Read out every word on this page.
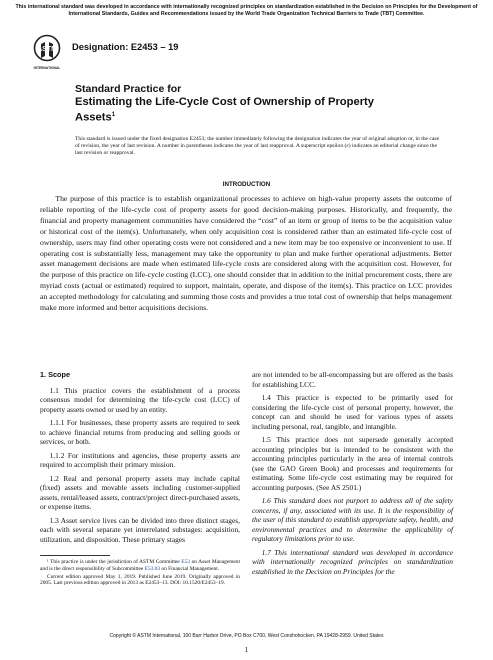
This international standard was developed in accordance with internationally recognized principles on standardization established in the Decision on Principles for the Development of International Standards, Guides and Recommendations issued by the World Trade Organization Technical Barriers to Trade (TBT) Committee.
ASTM
INTERNATIONAL
Designation: E2453 – 19
Standard Practice for
Estimating the Life-Cycle Cost of Ownership of Property Assets$^1$
This standard is issued under the fixed designation E2453; the number immediately following the designation indicates the year of original adoption or, in the case of revision, the year of last revision. A number in parentheses indicates the year of last reapproval. A superscript epsilon (ε) indicates an editorial change since the last revision or reapproval.
INTRODUCTION
The purpose of this practice is to establish organizational processes to achieve on high-value property assets the outcome of reliable reporting of the life-cycle cost of property assets for good decision-making purposes. Historically, and frequently, the financial and property management communities have considered the “cost” of an item or group of items to be the acquisition value or historical cost of the item(s). Unfortunately, when only acquisition cost is considered rather than an estimated life-cycle cost of ownership, users may find other operating costs were not considered and a new item may be too expensive or inconvenient to use. If operating cost is substantially less, management may take the opportunity to plan and make further operational adjustments. Better asset management decisions are made when estimated life-cycle costs are considered along with the acquisition cost. However, for the purpose of this practice on life-cycle costing (LCC), one should consider that in addition to the initial procurement costs, there are myriad costs (actual or estimated) required to support, maintain, operate, and dispose of the item(s). This practice on LCC provides an accepted methodology for calculating and summing those costs and provides a true total cost of ownership that helps management make more informed and better acquisitions decisions.
1. Scope

1.1 This practice covers the establishment of a process consensus model for determining the life-cycle cost (LCC) of property assets owned or used by an entity.

1.1.1 For businesses, these property assets are required to seek to achieve financial returns from producing and selling goods or services, or both.

1.1.2 For institutions and agencies, these property assets are required to accomplish their primary mission.

1.2 Real and personal property assets may include capital (fixed) assets and movable assets including customer-supplied assets, rental/leased assets, contract/project direct-purchased assets, or expense items.

1.3 Asset service lives can be divided into three distinct stages, each with several separate yet interrelated substages: acquisition, utilization, and disposition. These primary stages

¹ This practice is under the jurisdiction of ASTM Committee E53 on Asset Management and is the direct responsibility of Subcommittee E53.03 on Financial Management.

Current edition approved May 1, 2019. Published June 2019. Originally approved in 2005. Last previous edition approved in 2013 as E2453–13. DOI: 10.1520/E2453–19.

are not intended to be all-encompassing but are offered as the basis for establishing LCC.

1.4 This practice is expected to be primarily used for considering the life-cycle cost of personal property, however, the concept can and should be used for various types of assets including personal, real, tangible, and intangible.

1.5 This practice does not supersede generally accepted accounting principles but is intended to be consistent with the accounting principles particularly in the area of internal controls (see the GAO Green Book) and processes and requirements for estimating. Some life-cycle cost estimating may be required for accounting purposes. (See AS 2501.)

1.6 This standard does not purport to address all of the safety concerns, if any, associated with its use. It is the responsibility of the user of this standard to establish appropriate safety, health, and environmental practices and to determine the applicability of regulatory limitations prior to use.

1.7 This international standard was developed in accordance with internationally recognized principles on standardization established in the Decision on Principles for the

Copyright © ASTM International, 100 Barr Harbor Drive, PO Box C700, West Conshohocken, PA 19428-2959. United States
1
